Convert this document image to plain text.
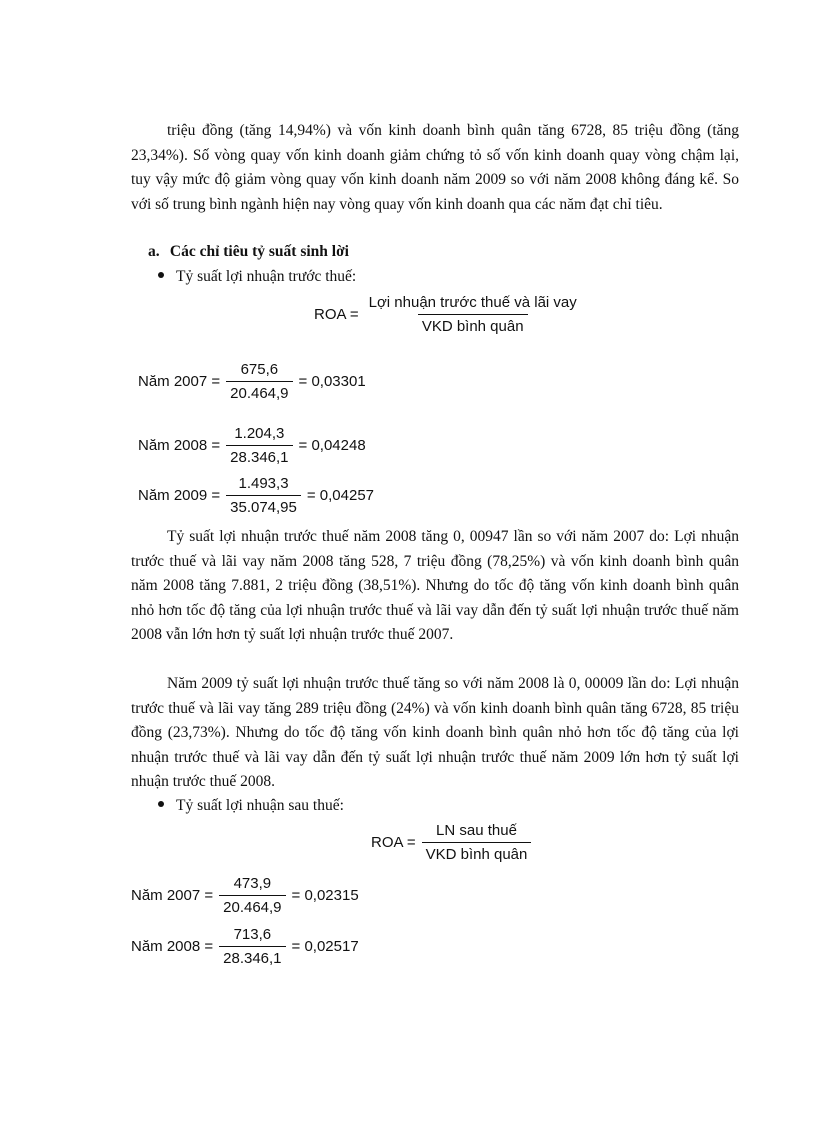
triệu đồng (tăng 14,94%) và vốn kinh doanh bình quân tăng 6728, 85 triệu đồng (tăng 23,34%). Số vòng quay vốn kinh doanh giảm chứng tỏ số vốn kinh doanh quay vòng chậm lại, tuy vậy mức độ giảm vòng quay vốn kinh doanh năm 2009 so với năm 2008 không đáng kể. So với số trung bình ngành hiện nay vòng quay vốn kinh doanh qua các năm đạt chỉ tiêu.

a. Các chỉ tiêu tỷ suất sinh lời
Tỷ suất lợi nhuận trước thuế:
ROA = $\frac{\text{Lợi nhuận trước thuế và lãi vay}}{\text{VKD bình quân}}$
Năm $2007 = \frac{675,6}{20.464,9} = 0,03301$
Năm $2008 = \frac{1.204,3}{28.346,1} = 0,04248$
Năm $2009 = \frac{1.493,3}{35.074,95} = 0,04257$

Tỷ suất lợi nhuận trước thuế năm 2008 tăng 0, 00947 lần so với năm 2007 do: Lợi nhuận trước thuế và lãi vay năm 2008 tăng 528, 7 triệu đồng (78,25%) và vốn kinh doanh bình quân năm 2008 tăng 7.881, 2 triệu đồng (38,51%). Nhưng do tốc độ tăng vốn kinh doanh bình quân nhỏ hơn tốc độ tăng của lợi nhuận trước thuế và lãi vay dẫn đến tỷ suất lợi nhuận trước thuế năm 2008 vẫn lớn hơn tỷ suất lợi nhuận trước thuế 2007.

Năm 2009 tỷ suất lợi nhuận trước thuế tăng so với năm 2008 là 0, 00009 lần do: Lợi nhuận trước thuế và lãi vay tăng 289 triệu đồng (24%) và vốn kinh doanh bình quân tăng 6728, 85 triệu đồng (23,73%). Nhưng do tốc độ tăng vốn kinh doanh bình quân nhỏ hơn tốc độ tăng của lợi nhuận trước thuế và lãi vay dẫn đến tỷ suất lợi nhuận trước thuế năm 2009 lớn hơn tỷ suất lợi nhuận trước thuế 2008.

Tỷ suất lợi nhuận sau thuế:
ROA = $\frac{\text{LN sau thuế}}{\text{VKD bình quân}}$
Năm $2007 = \frac{473,9}{20.464,9} = 0,02315$
Năm $2008 = \frac{713,6}{28.346,1} = 0,02517$
